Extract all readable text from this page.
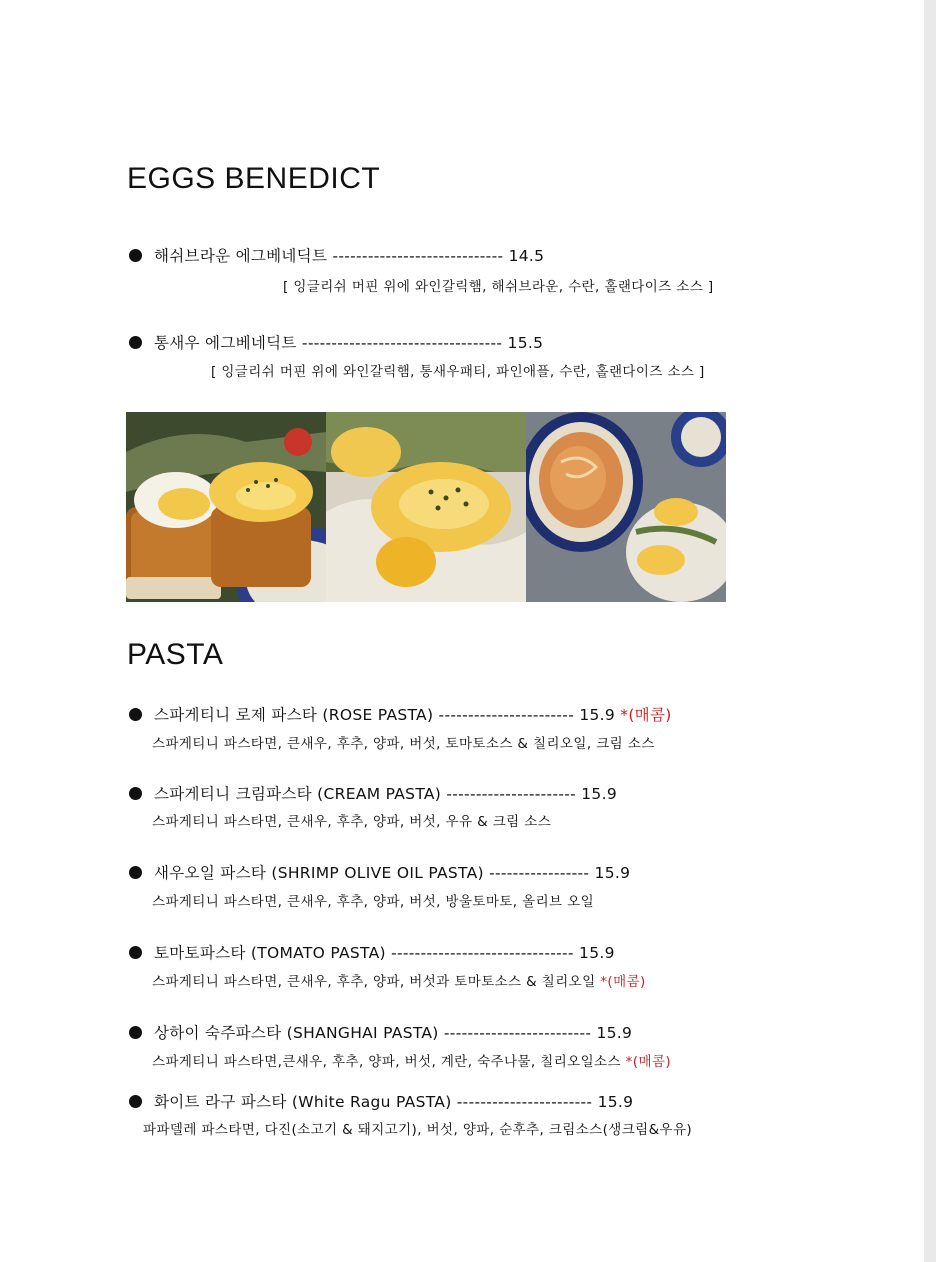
EGGS BENEDICT
해쉬브라운 에그베네딕트 ----------------------------- 14.5
[ 잉글리쉬 머핀 위에 와인갈릭햄, 해쉬브라운, 수란, 홀랜다이즈 소스 ]
통새우 에그베네딕트 ---------------------------------- 15.5
[ 잉글리쉬 머핀 위에 와인갈릭햄, 통새우패티, 파인애플, 수란, 홀랜다이즈 소스 ]
PASTA
스파게티니 로제 파스타 (ROSE PASTA) ----------------------- 15.9 *(매콤)
스파게티니 파스타면, 큰새우, 후추, 양파, 버섯, 토마토소스 & 칠리오일, 크림 소스
스파게티니 크림파스타 (CREAM PASTA) ---------------------- 15.9
스파게티니 파스타면, 큰새우, 후추, 양파, 버섯, 우유 & 크림 소스
새우오일 파스타 (SHRIMP OLIVE OIL PASTA) ----------------- 15.9
스파게티니 파스타면, 큰새우, 후추, 양파, 버섯, 방울토마토, 올리브 오일
토마토파스타 (TOMATO PASTA) ------------------------------- 15.9
스파게티니 파스타면, 큰새우, 후추, 양파, 버섯과 토마토소스 & 칠리오일 *(매콤)
상하이 숙주파스타 (SHANGHAI PASTA) ------------------------- 15.9
스파게티니 파스타면,큰새우, 후추, 양파, 버섯, 계란, 숙주나물, 칠리오일소스 *(매콤)
화이트 라구 파스타 (White Ragu PASTA) ----------------------- 15.9
파파델레 파스타면, 다진(소고기 & 돼지고기), 버섯, 양파, 순후추, 크림소스(생크림&우유)
